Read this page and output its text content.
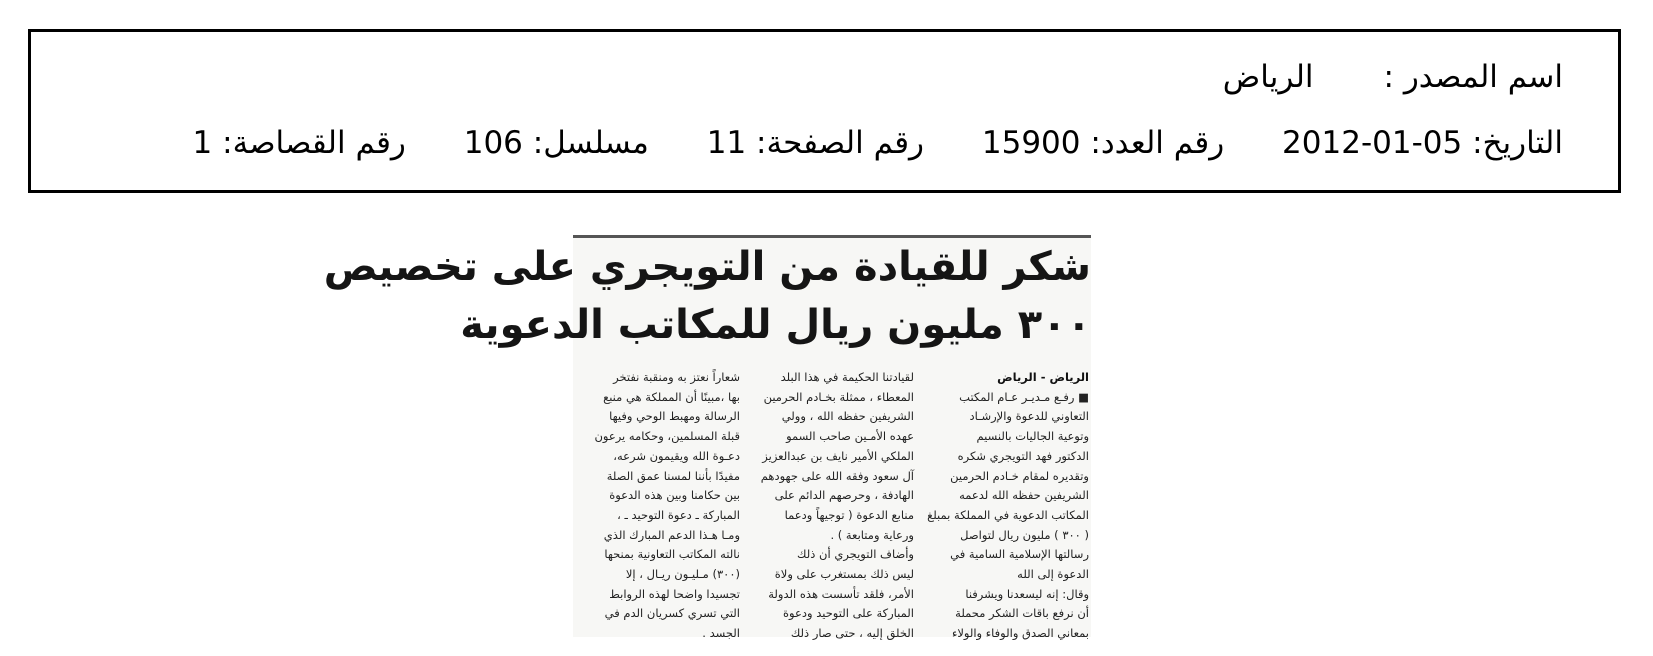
اسم المصدر :الرياض
التاريخ: 2012-01-05 رقم العدد: 15900 رقم الصفحة: 11 مسلسل: 106 رقم القصاصة: 1
شكر للقيادة من التويجري على تخصيص
٣٠٠ مليون ريال للمكاتب الدعوية
الرياض - الرياض
■ رفـع مـديـر عـام المكتب
التعاوني للدعوة والإرشـاد
وتوعية الجاليات بالنسيم
الدكتور فهد التويجري شكره
وتقديره لمقام خـادم الحرمين
الشريفين حفظه الله لدعمه
المكاتب الدعوية في المملكة بمبلغ
( ٣٠٠ ) مليون ريال لتواصل
رسالتها الإسلامية السامية في
الدعوة إلى الله
وقال: إنه ليسعدنا ويشرفنا
أن نرفع باقات الشكر محملة
بمعاني الصدق والوفاء والولاء
لقيادتنا الحكيمة في هذا البلد
المعطاء ، ممثلة بخـادم الحرمين
الشريفين حفظه الله ، وولي
عهده الأمـين صاحب السمو
الملكي الأمير نايف بن عبدالعزيز
آل سعود وفقه الله على جهودهم
الهادفة ، وحرصهم الدائم على
منابع الدعوة ( توجيهاً ودعما
ورعاية ومتابعة ) .
وأضاف التويجري أن ذلك
ليس ذلك بمستغرب على ولاة
الأمر، فلقد تأسست هذه الدولة
المباركة على التوحيد ودعوة
الخلق إليه ، حتى صار ذلك
شعاراً نعتز به ومنقبة نفتخر
بها ،مبينًا أن المملكة هي منبع
الرسالة ومهبط الوحي وفيها
قبلة المسلمين، وحكامه يرعون
دعـوة الله ويقيمون شرعه،
مفيدًا بأننا لمسنا عمق الصلة
بين حكامنا وبين هذه الدعوة
المباركة ـ دعوة التوحيد ـ ،
ومـا هـذا الدعم المبارك الذي
نالته المكاتب التعاونية بمنحها
(٣٠٠) مـليـون ريـال ، إلا
تجسيدا واضحا لهذه الروابط
التي تسري كسريان الدم في
الجسد .
